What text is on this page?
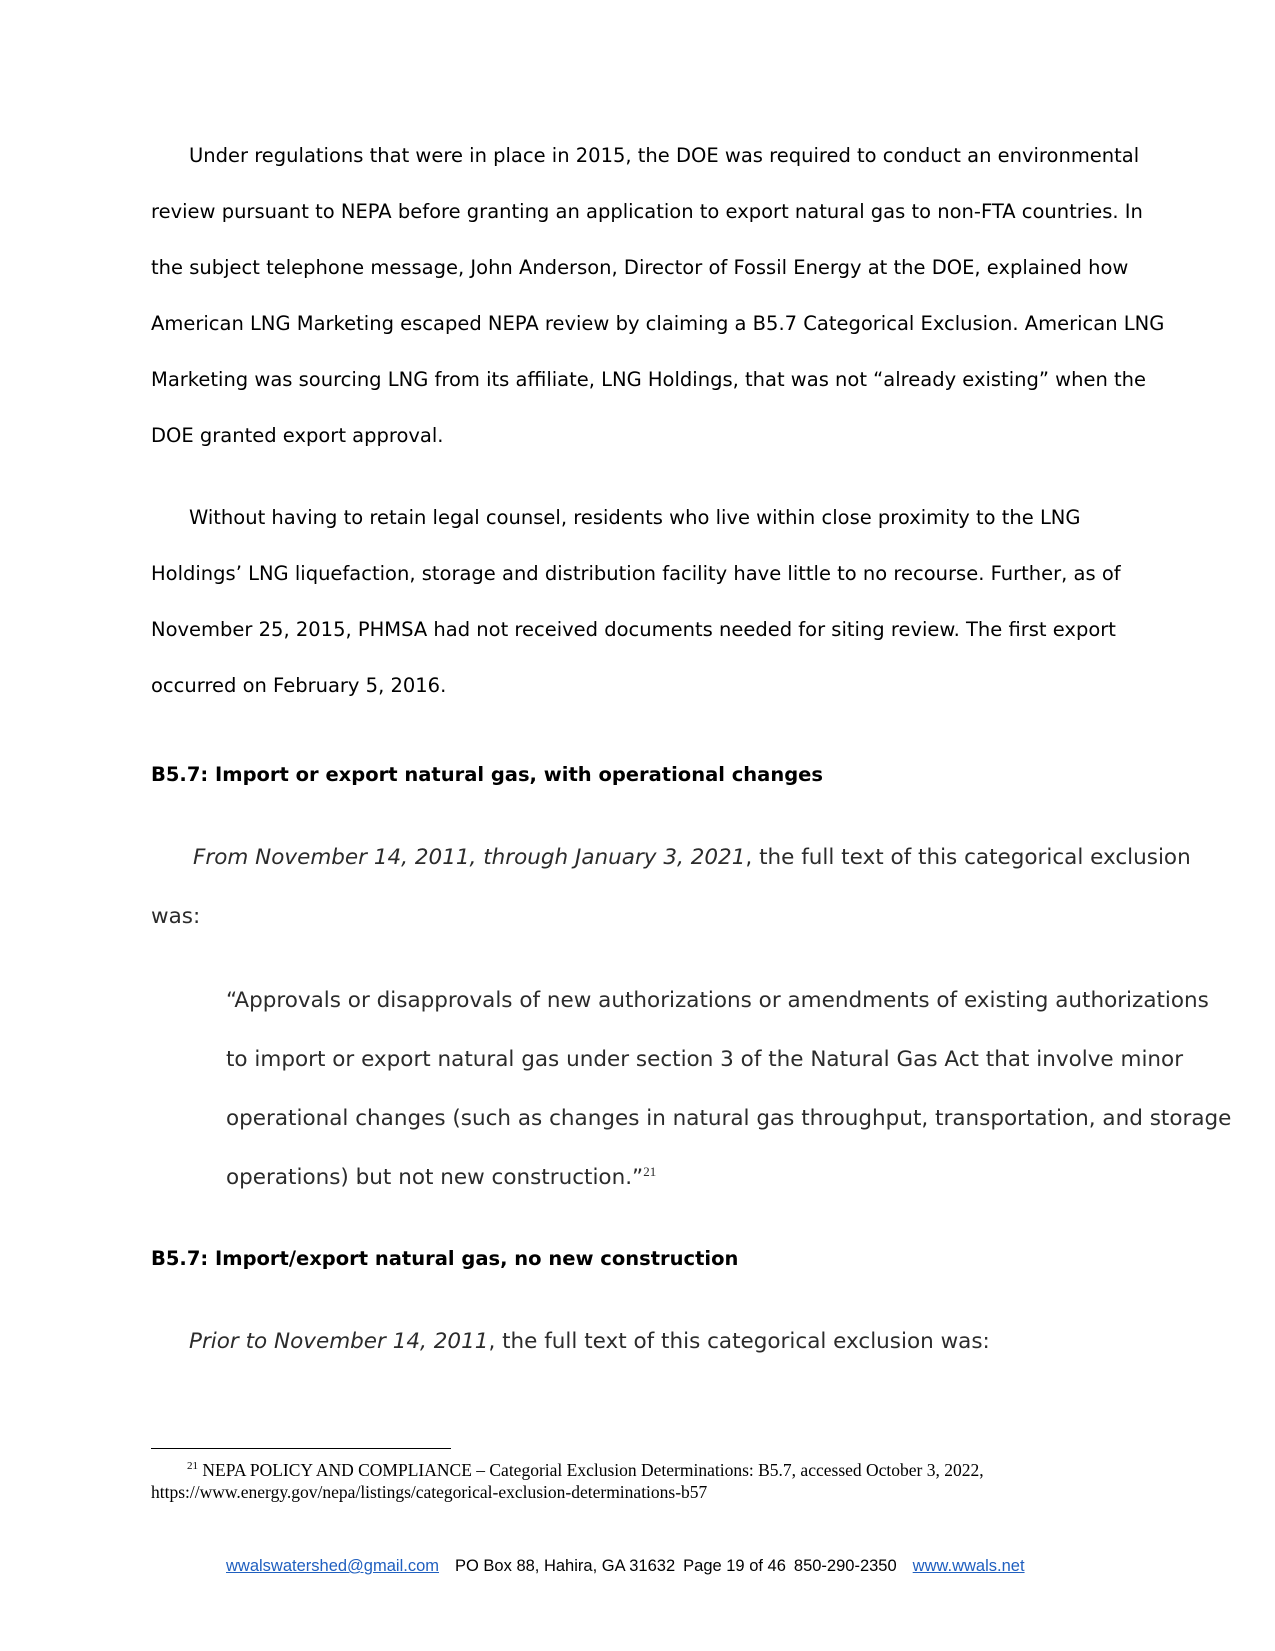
Under regulations that were in place in 2015, the DOE was required to conduct an environmental

review pursuant to NEPA before granting an application to export natural gas to non-FTA countries. In

the subject telephone message, John Anderson, Director of Fossil Energy at the DOE, explained how

American LNG Marketing escaped NEPA review by claiming a B5.7 Categorical Exclusion. American LNG

Marketing was sourcing LNG from its affiliate, LNG Holdings, that was not “already existing” when the

DOE granted export approval.

Without having to retain legal counsel, residents who live within close proximity to the LNG

Holdings’ LNG liquefaction, storage and distribution facility have little to no recourse. Further, as of

November 25, 2015, PHMSA had not received documents needed for siting review. The first export

occurred on February 5, 2016.

B5.7: Import or export natural gas, with operational changes

From November 14, 2011, through January 3, 2021, the full text of this categorical exclusion

was:

“Approvals or disapprovals of new authorizations or amendments of existing authorizations

to import or export natural gas under section 3 of the Natural Gas Act that involve minor

operational changes (such as changes in natural gas throughput, transportation, and storage

operations) but not new construction.”$^{21}$

B5.7: Import/export natural gas, no new construction

Prior to November 14, 2011, the full text of this categorical exclusion was:

$^{21}$ NEPA POLICY AND COMPLIANCE – Categorial Exclusion Determinations: B5.7, accessed October 3, 2022,
https://www.energy.gov/nepa/listings/categorical-exclusion-determinations-b57
wwalswatershed@gmail.com PO Box 88, Hahira, GA 31632 Page 19 of 46 850-290-2350 www.wwals.net
